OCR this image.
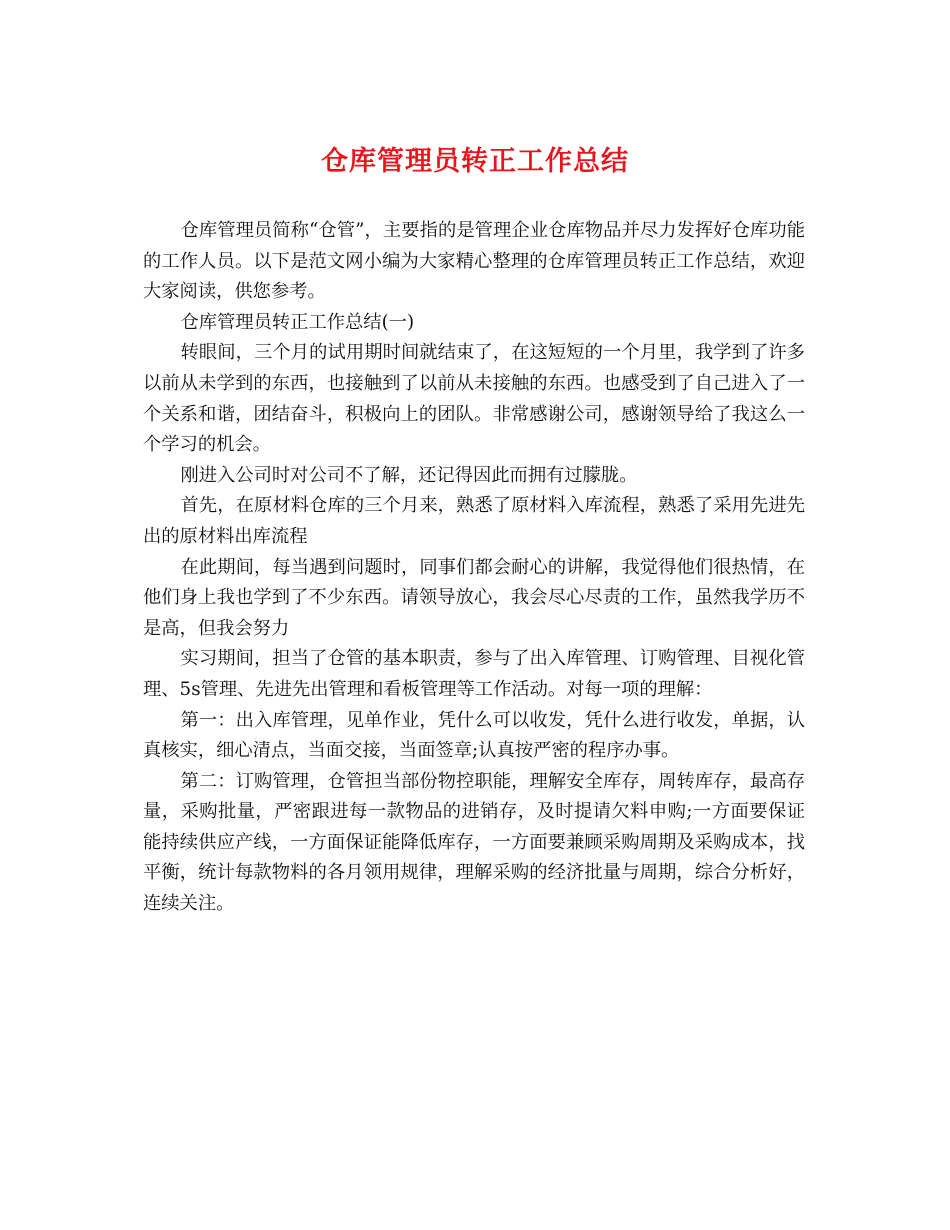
仓库管理员转正工作总结

仓库管理员简称“仓管”，主要指的是管理企业仓库物品并尽力发挥好仓库功能的工作人员。以下是范文网小编为大家精心整理的仓库管理员转正工作总结，欢迎大家阅读，供您参考。

仓库管理员转正工作总结(一)

转眼间，三个月的试用期时间就结束了，在这短短的一个月里，我学到了许多以前从未学到的东西，也接触到了以前从未接触的东西。也感受到了自己进入了一个关系和谐，团结奋斗，积极向上的团队。非常感谢公司，感谢领导给了我这么一个学习的机会。

刚进入公司时对公司不了解，还记得因此而拥有过朦胧。

首先，在原材料仓库的三个月来，熟悉了原材料入库流程，熟悉了采用先进先出的原材料出库流程

在此期间，每当遇到问题时，同事们都会耐心的讲解，我觉得他们很热情，在他们身上我也学到了不少东西。请领导放心，我会尽心尽责的工作，虽然我学历不是高，但我会努力

实习期间，担当了仓管的基本职责，参与了出入库管理、订购管理、目视化管理、5s管理、先进先出管理和看板管理等工作活动。对每一项的理解：

第一：出入库管理，见单作业，凭什么可以收发，凭什么进行收发，单据，认真核实，细心清点，当面交接，当面签章;认真按严密的程序办事。

第二：订购管理，仓管担当部份物控职能，理解安全库存，周转库存，最高存量，采购批量，严密跟进每一款物品的进销存，及时提请欠料申购;一方面要保证能持续供应产线，一方面保证能降低库存，一方面要兼顾采购周期及采购成本，找平衡，统计每款物料的各月领用规律，理解采购的经济批量与周期，综合分析好，连续关注。
